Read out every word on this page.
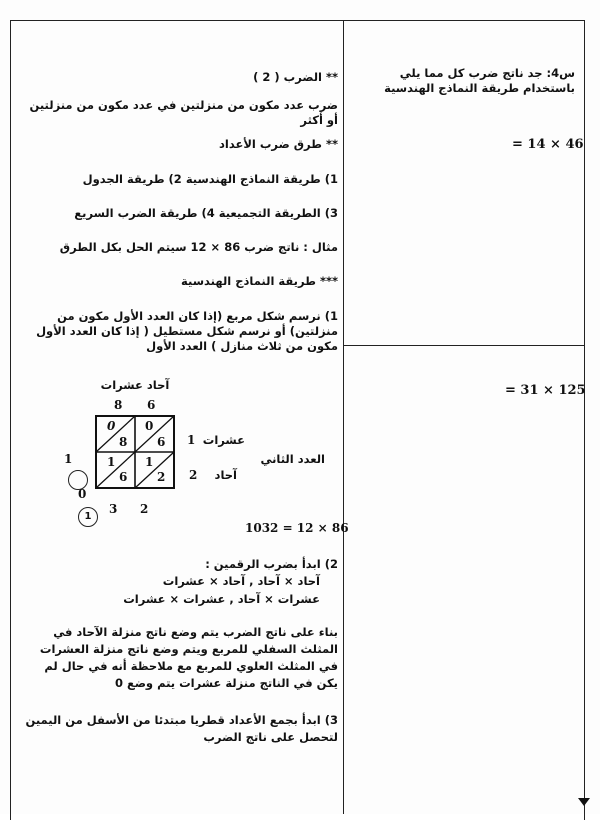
س4: جد ناتج ضرب كل مما يلي باستخدام طريقة النماذج الهندسية
= 14 × 46
= 31 × 125
** الضرب ( 2 )
ضرب عدد مكون من منزلتين في عدد مكون من منزلتين أو أكثر
** طرق ضرب الأعداد
1) طريقة النماذج الهندسية 2) طريقة الجدول
3) الطريقة التجميعية 4) طريقة الضرب السريع
مثال : ناتج ضرب 86 × 12 سيتم الحل بكل الطرق
*** طريقة النماذج الهندسية
1) نرسم شكل مربع (إذا كان العدد الأول مكون من منزلتين) أو نرسم شكل مستطيل ( إذا كان العدد الأول مكون من ثلاث منازل ) العدد الأول
آحاد عشرات
8 6
0
8
0
6
1
6
1
2
1 عشرات
2	آحاد
العدد الثاني
1
0
1
3 2
1032 = 12 × 86
2) ابدأ بضرب الرقمين :
آحاد × آحاد , آحاد × عشرات
عشرات × آحاد , عشرات × عشرات
بناء على ناتج الضرب يتم وضع ناتج منزلة الآحاد في المثلث السفلي للمربع ويتم وضع ناتج منزلة العشرات في المثلث العلوي للمربع مع ملاحظة أنه في حال لم يكن في الناتج منزلة عشرات يتم وضع 0
3) ابدأ بجمع الأعداد قطريا مبتدئا من الأسفل من اليمين لتحصل على ناتج الضرب
